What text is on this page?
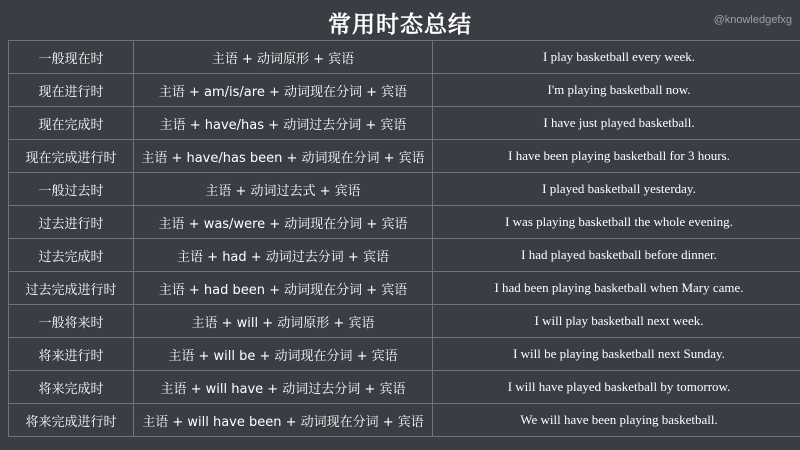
常用时态总结	@knowledgefxg
一般现在时	主语 + 动词原形 + 宾语	I play basketball every week.
现在进行时	主语 + am/is/are + 动词现在分词 + 宾语	I'm playing basketball now.
现在完成时	主语 + have/has + 动词过去分词 + 宾语	I have just played basketball.
现在完成进行时	主语 + have/has been + 动词现在分词 + 宾语	I have been playing basketball for 3 hours.
一般过去时	主语 + 动词过去式 + 宾语	I played basketball yesterday.
过去进行时	主语 + was/were + 动词现在分词 + 宾语	I was playing basketball the whole evening.
过去完成时	主语 + had + 动词过去分词 + 宾语	I had played basketball before dinner.
过去完成进行时	主语 + had been + 动词现在分词 + 宾语	I had been playing basketball when Mary came.
一般将来时	主语 + will + 动词原形 + 宾语	I will play basketball next week.
将来进行时	主语 + will be + 动词现在分词 + 宾语	I will be playing basketball next Sunday.
将来完成时	主语 + will have + 动词过去分词 + 宾语	I will have played basketball by tomorrow.
将来完成进行时	主语 + will have been + 动词现在分词 + 宾语	We will have been playing basketball.
